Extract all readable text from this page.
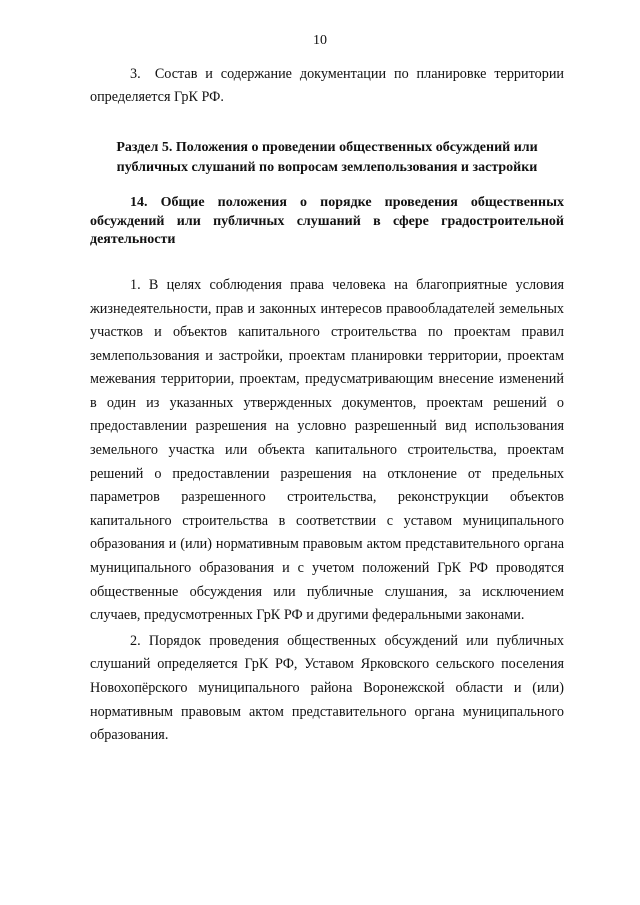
10

3. Состав и содержание документации по планировке территории определяется ГрК РФ.

Раздел 5. Положения о проведении общественных обсуждений или публичных слушаний по вопросам землепользования и застройки
14. Общие положения о порядке проведения общественных обсуждений или публичных слушаний в сфере градостроительной деятельности

1. В целях соблюдения права человека на благоприятные условия жизнедеятельности, прав и законных интересов правообладателей земельных участков и объектов капитального строительства по проектам правил землепользования и застройки, проектам планировки территории, проектам межевания территории, проектам, предусматривающим внесение изменений в один из указанных утвержденных документов, проектам решений о предоставлении разрешения на условно разрешенный вид использования земельного участка или объекта капитального строительства, проектам решений о предоставлении разрешения на отклонение от предельных параметров разрешенного строительства, реконструкции объектов капитального строительства в соответствии с уставом муниципального образования и (или) нормативным правовым актом представительного органа муниципального образования и с учетом положений ГрК РФ проводятся общественные обсуждения или публичные слушания, за исключением случаев, предусмотренных ГрК РФ и другими федеральными законами.

2. Порядок проведения общественных обсуждений или публичных слушаний определяется ГрК РФ, Уставом Ярковского сельского поселения Новохопёрского муниципального района Воронежской области и (или) нормативным правовым актом представительного органа муниципального образования.
